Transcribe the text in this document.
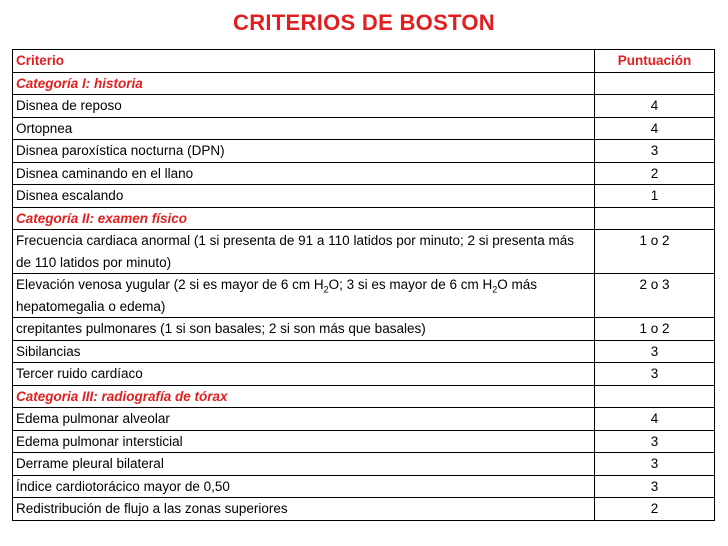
CRITERIOS DE BOSTON
Criterio	Puntuación
Categoría I: historia	
Disnea de reposo	4
Ortopnea	4
Disnea paroxística nocturna (DPN)	3
Disnea caminando en el llano	2
Disnea escalando	1
Categoría II: examen físico	
Frecuencia cardiaca anormal (1 si presenta de 91 a 110 latidos por minuto; 2 si presenta más de 110 latidos por minuto)	1 o 2
Elevación venosa yugular (2 si es mayor de 6 cm $H_2O$; 3 si es mayor de 6 cm $H_2O$ más hepatomegalia o edema)	2 o 3
crepitantes pulmonares (1 si son basales; 2 si son más que basales)	1 o 2
Sibilancias	3
Tercer ruido cardíaco	3
Categoria III: radiografía de tórax	
Edema pulmonar alveolar	4
Edema pulmonar intersticial	3
Derrame pleural bilateral	3
Índice cardiotorácico mayor de 0,50	3
Redistribución de flujo a las zonas superiores	2
